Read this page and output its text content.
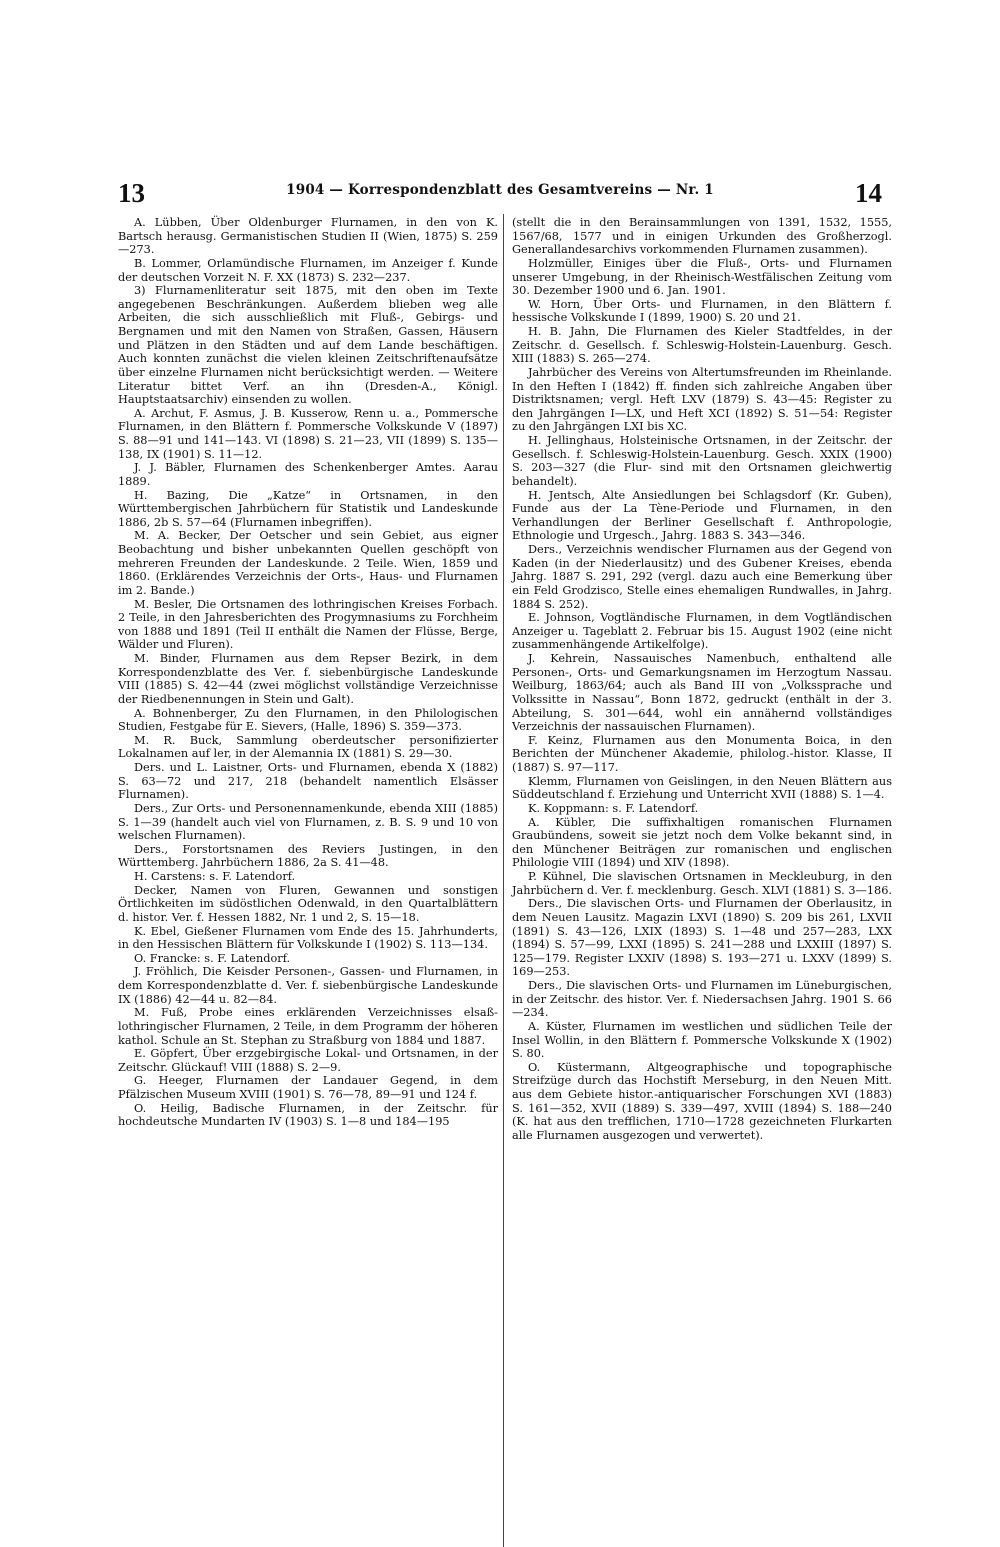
13	1904 — Korrespondenzblatt des Gesamtvereins — Nr. 1	14

A. Lübben, Über Oldenburger Flurnamen, in den von K. Bartsch herausg. Germanistischen Studien II (Wien, 1875) S. 259—273.

B. Lommer, Orlamündische Flurnamen, im Anzeiger f. Kunde der deutschen Vorzeit N. F. XX (1873) S. 232—237.

3) Flurnamenliteratur seit 1875, mit den oben im Texte angegebenen Beschränkungen. Außerdem blieben weg alle Arbeiten, die sich ausschließlich mit Fluß-, Gebirgs- und Bergnamen und mit den Namen von Straßen, Gassen, Häusern und Plätzen in den Städten und auf dem Lande beschäftigen. Auch konnten zunächst die vielen kleinen Zeitschriftenaufsätze über einzelne Flurnamen nicht berücksichtigt werden. — Weitere Literatur bittet Verf. an ihn (Dresden-A., Königl. Hauptstaatsarchiv) einsenden zu wollen.

A. Archut, F. Asmus, J. B. Kusserow, Renn u. a., Pommersche Flurnamen, in den Blättern f. Pommersche Volkskunde V (1897) S. 88—91 und 141—143. VI (1898) S. 21—23, VII (1899) S. 135—138, IX (1901) S. 11—12.

J. J. Bäbler, Flurnamen des Schenkenberger Amtes. Aarau 1889.

H. Bazing, Die „Katze“ in Ortsnamen, in den Württembergischen Jahrbüchern für Statistik und Landeskunde 1886, 2b S. 57—64 (Flurnamen inbegriffen).

M. A. Becker, Der Oetscher und sein Gebiet, aus eigner Beobachtung und bisher unbekannten Quellen geschöpft von mehreren Freunden der Landeskunde. 2 Teile. Wien, 1859 und 1860. (Erklärendes Verzeichnis der Orts-, Haus- und Flurnamen im 2. Bande.)

M. Besler, Die Ortsnamen des lothringischen Kreises Forbach. 2 Teile, in den Jahresberichten des Progymnasiums zu Forchheim von 1888 und 1891 (Teil II enthält die Namen der Flüsse, Berge, Wälder und Fluren).

M. Binder, Flurnamen aus dem Repser Bezirk, in dem Korrespondenzblatte des Ver. f. siebenbürgische Landeskunde VIII (1885) S. 42—44 (zwei möglichst vollständige Verzeichnisse der Riedbenennungen in Stein und Galt).

A. Bohnenberger, Zu den Flurnamen, in den Philologischen Studien, Festgabe für E. Sievers, (Halle, 1896) S. 359—373.

M. R. Buck, Sammlung oberdeutscher personifizierter Lokalnamen auf ler, in der Alemannia IX (1881) S. 29—30.

Ders. und L. Laistner, Orts- und Flurnamen, ebenda X (1882) S. 63—72 und 217, 218 (behandelt namentlich Elsässer Flurnamen).

Ders., Zur Orts- und Personennamenkunde, ebenda XIII (1885) S. 1—39 (handelt auch viel von Flurnamen, z. B. S. 9 und 10 von welschen Flurnamen).

Ders., Forstortsnamen des Reviers Justingen, in den Württemberg. Jahrbüchern 1886, 2a S. 41—48.

H. Carstens: s. F. Latendorf.

Decker, Namen von Fluren, Gewannen und sonstigen Örtlichkeiten im südöstlichen Odenwald, in den Quartalblättern d. histor. Ver. f. Hessen 1882, Nr. 1 und 2, S. 15—18.

K. Ebel, Gießener Flurnamen vom Ende des 15. Jahrhunderts, in den Hessischen Blättern für Volkskunde I (1902) S. 113—134.

O. Francke: s. F. Latendorf.

J. Fröhlich, Die Keisder Personen-, Gassen- und Flurnamen, in dem Korrespondenzblatte d. Ver. f. siebenbürgische Landeskunde IX (1886) 42—44 u. 82—84.

M. Fuß, Probe eines erklärenden Verzeichnisses elsaß-lothringischer Flurnamen, 2 Teile, in dem Programm der höheren kathol. Schule an St. Stephan zu Straßburg von 1884 und 1887.

E. Göpfert, Über erzgebirgische Lokal- und Ortsnamen, in der Zeitschr. Glückauf! VIII (1888) S. 2—9.

G. Heeger, Flurnamen der Landauer Gegend, in dem Pfälzischen Museum XVIII (1901) S. 76—78, 89—91 und 124 f.

O. Heilig, Badische Flurnamen, in der Zeitschr. für hochdeutsche Mundarten IV (1903) S. 1—8 und 184—195

(stellt die in den Berainsammlungen von 1391, 1532, 1555, 1567/68, 1577 und in einigen Urkunden des Großherzogl. Generallandesarchivs vorkommenden Flurnamen zusammen).

Holzmüller, Einiges über die Fluß-, Orts- und Flurnamen unserer Umgebung, in der Rheinisch-Westfälischen Zeitung vom 30. Dezember 1900 und 6. Jan. 1901.

W. Horn, Über Orts- und Flurnamen, in den Blättern f. hessische Volkskunde I (1899, 1900) S. 20 und 21.

H. B. Jahn, Die Flurnamen des Kieler Stadtfeldes, in der Zeitschr. d. Gesellsch. f. Schleswig-Holstein-Lauenburg. Gesch. XIII (1883) S. 265—274.

Jahrbücher des Vereins von Altertumsfreunden im Rheinlande. In den Heften I (1842) ff. finden sich zahlreiche Angaben über Distriktsnamen; vergl. Heft LXV (1879) S. 43—45: Register zu den Jahrgängen I—LX, und Heft XCI (1892) S. 51—54: Register zu den Jahrgängen LXI bis XC.

H. Jellinghaus, Holsteinische Ortsnamen, in der Zeitschr. der Gesellsch. f. Schleswig-Holstein-Lauenburg. Gesch. XXIX (1900) S. 203—327 (die Flur- sind mit den Ortsnamen gleichwertig behandelt).

H. Jentsch, Alte Ansiedlungen bei Schlagsdorf (Kr. Guben), Funde aus der La Tène-Periode und Flurnamen, in den Verhandlungen der Berliner Gesellschaft f. Anthropologie, Ethnologie und Urgesch., Jahrg. 1883 S. 343—346.

Ders., Verzeichnis wendischer Flurnamen aus der Gegend von Kaden (in der Niederlausitz) und des Gubener Kreises, ebenda Jahrg. 1887 S. 291, 292 (vergl. dazu auch eine Bemerkung über ein Feld Grodzisco, Stelle eines ehemaligen Rundwalles, in Jahrg. 1884 S. 252).

E. Johnson, Vogtländische Flurnamen, in dem Vogtländischen Anzeiger u. Tageblatt 2. Februar bis 15. August 1902 (eine nicht zusammenhängende Artikelfolge).

J. Kehrein, Nassauisches Namenbuch, enthaltend alle Personen-, Orts- und Gemarkungsnamen im Herzogtum Nassau. Weilburg, 1863/64; auch als Band III von „Volkssprache und Volkssitte in Nassau“, Bonn 1872, gedruckt (enthält in der 3. Abteilung, S. 301—644, wohl ein annähernd vollständiges Verzeichnis der nassauischen Flurnamen).

F. Keinz, Flurnamen aus den Monumenta Boica, in den Berichten der Münchener Akademie, philolog.-histor. Klasse, II (1887) S. 97—117.

Klemm, Flurnamen von Geislingen, in den Neuen Blättern aus Süddeutschland f. Erziehung und Unterricht XVII (1888) S. 1—4.

K. Koppmann: s. F. Latendorf.

A. Kübler, Die suffixhaltigen romanischen Flurnamen Graubündens, soweit sie jetzt noch dem Volke bekannt sind, in den Münchener Beiträgen zur romanischen und englischen Philologie VIII (1894) und XIV (1898).

P. Kühnel, Die slavischen Ortsnamen in Meckleuburg, in den Jahrbüchern d. Ver. f. mecklenburg. Gesch. XLVI (1881) S. 3—186.

Ders., Die slavischen Orts- und Flurnamen der Oberlausitz, in dem Neuen Lausitz. Magazin LXVI (1890) S. 209 bis 261, LXVII (1891) S. 43—126, LXIX (1893) S. 1—48 und 257—283, LXX (1894) S. 57—99, LXXI (1895) S. 241—288 und LXXIII (1897) S. 125—179. Register LXXIV (1898) S. 193—271 u. LXXV (1899) S. 169—253.

Ders., Die slavischen Orts- und Flurnamen im Lüneburgischen, in der Zeitschr. des histor. Ver. f. Niedersachsen Jahrg. 1901 S. 66—234.

A. Küster, Flurnamen im westlichen und südlichen Teile der Insel Wollin, in den Blättern f. Pommersche Volkskunde X (1902) S. 80.

O. Küstermann, Altgeographische und topographische Streifzüge durch das Hochstift Merseburg, in den Neuen Mitt. aus dem Gebiete histor.-antiquarischer Forschungen XVI (1883) S. 161—352, XVII (1889) S. 339—497, XVIII (1894) S. 188—240 (K. hat aus den trefflichen, 1710—1728 gezeichneten Flurkarten alle Flurnamen ausgezogen und verwertet).
